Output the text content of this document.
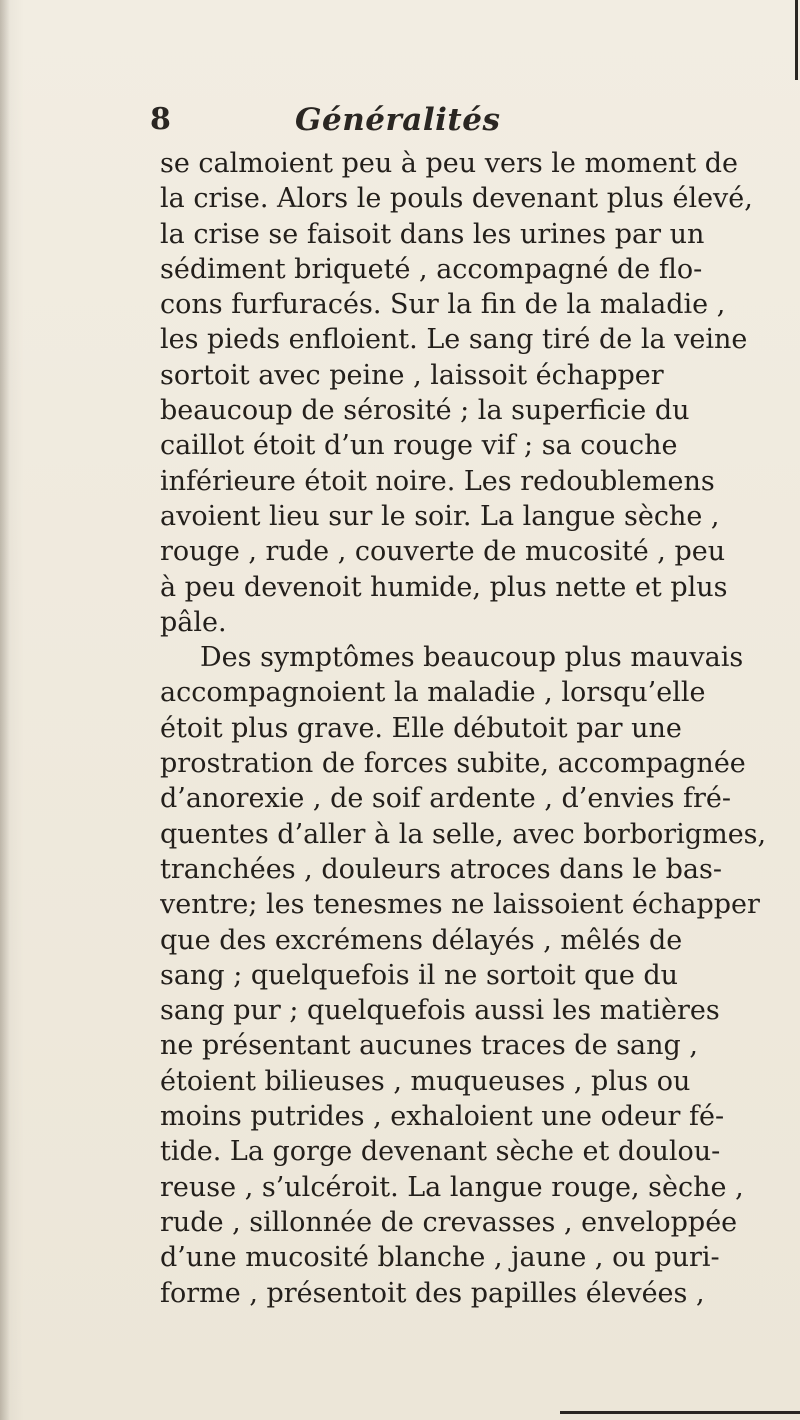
8	Généralités
se calmoient peu à peu vers le moment de
la crise. Alors le pouls devenant plus élevé,
la crise se faisoit dans les urines par un
sédiment briqueté , accompagné de flo-
cons furfuracés. Sur la fin de la maladie ,
les pieds enfloient. Le sang tiré de la veine
sortoit avec peine , laissoit échapper
beaucoup de sérosité ; la superficie du
caillot étoit d’un rouge vif ; sa couche
inférieure étoit noire. Les redoublemens
avoient lieu sur le soir. La langue sèche ,
rouge , rude , couverte de mucosité , peu
à peu devenoit humide, plus nette et plus
pâle.
Des symptômes beaucoup plus mauvais
accompagnoient la maladie , lorsqu’elle
étoit plus grave. Elle débutoit par une
prostration de forces subite, accompagnée
d’anorexie , de soif ardente , d’envies fré-
quentes d’aller à la selle, avec borborigmes,
tranchées , douleurs atroces dans le bas-
ventre; les tenesmes ne laissoient échapper
que des excrémens délayés , mêlés de
sang ; quelquefois il ne sortoit que du
sang pur ; quelquefois aussi les matières
ne présentant aucunes traces de sang ,
étoient bilieuses , muqueuses , plus ou
moins putrides , exhaloient une odeur fé-
tide. La gorge devenant sèche et doulou-
reuse , s’ulcéroit. La langue rouge, sèche ,
rude , sillonnée de crevasses , enveloppée
d’une mucosité blanche , jaune , ou puri-
forme , présentoit des papilles élevées ,
